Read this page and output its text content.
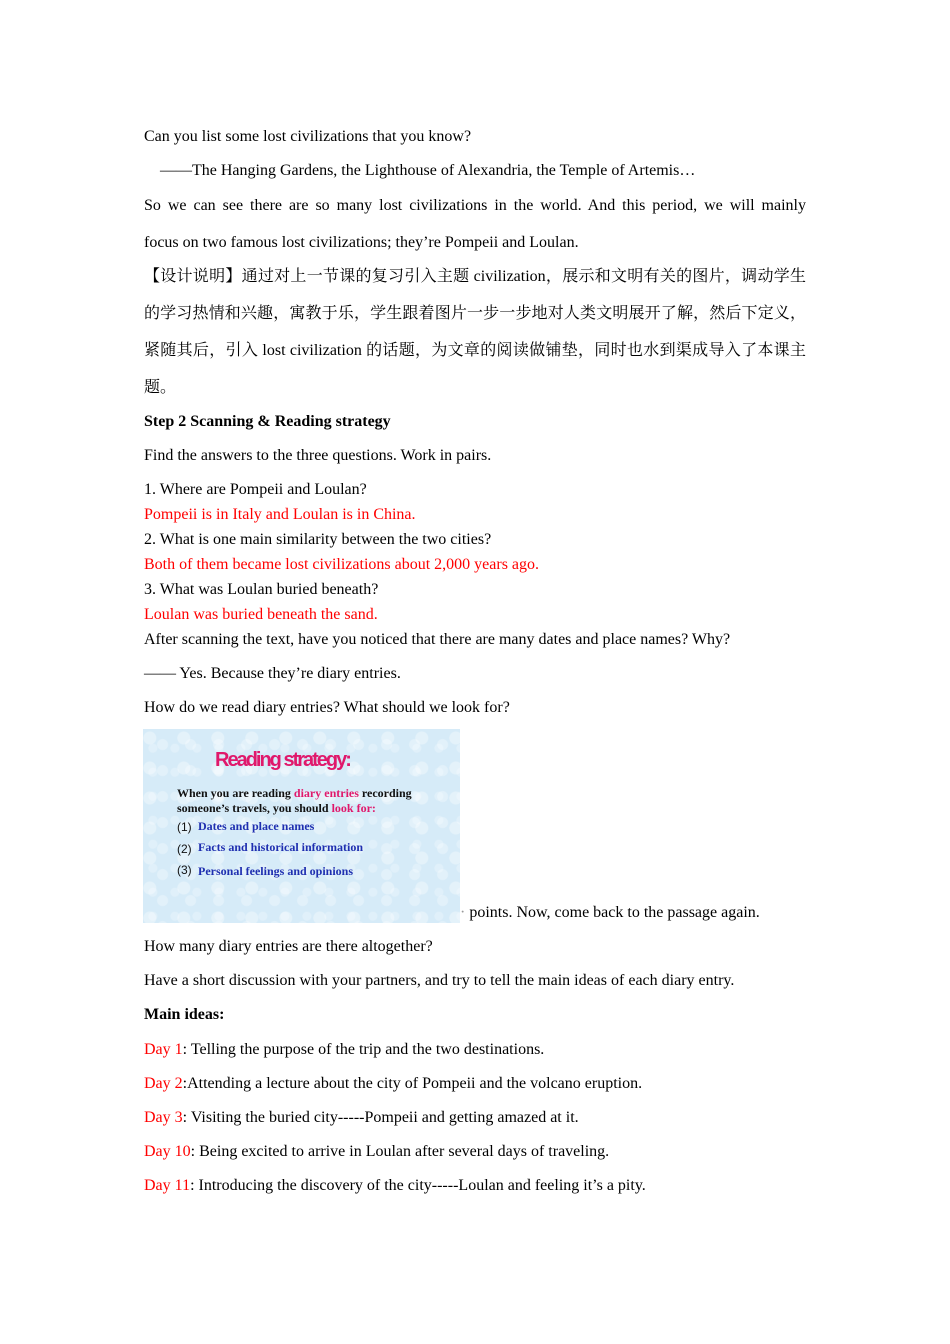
Can you list some lost civilizations that you know?
——The Hanging Gardens, the Lighthouse of Alexandria, the Temple of Artemis…
So we can see there are so many lost civilizations in the world. And this period, we will mainly
focus on two famous lost civilizations; they’re Pompeii and Loulan.
【设计说明】通过对上一节课的复习引入主题 civilization，展示和文明有关的图片，调动学生
的学习热情和兴趣，寓教于乐，学生跟着图片一步一步地对人类文明展开了解，然后下定义，
紧随其后，引入 lost civilization 的话题，为文章的阅读做铺垫，同时也水到渠成导入了本课主
题。
Step 2 Scanning & Reading strategy
Find the answers to the three questions. Work in pairs.
1. Where are Pompeii and Loulan?
Pompeii is in Italy and Loulan is in China.
2. What is one main similarity between the two cities?
Both of them became lost civilizations about 2,000 years ago.
3. What was Loulan buried beneath?
Loulan was buried beneath the sand.
After scanning the text, have you noticed that there are many dates and place names? Why?
—— Yes. Because they’re diary entries.
How do we read diary entries? What should we look for?
Reading strategy:
When you are reading diary entries recording
someone’s travels, you should look for:
(1) Dates and place names
(2) Facts and historical information
(3) Personal feelings and opinions
· points. Now, come back to the passage again.
How many diary entries are there altogether?
Have a short discussion with your partners, and try to tell the main ideas of each diary entry.
Main ideas:
Day 1: Telling the purpose of the trip and the two destinations.
Day 2:Attending a lecture about the city of Pompeii and the volcano eruption.
Day 3: Visiting the buried city-----Pompeii and getting amazed at it.
Day 10: Being excited to arrive in Loulan after several days of traveling.
Day 11: Introducing the discovery of the city-----Loulan and feeling it’s a pity.
